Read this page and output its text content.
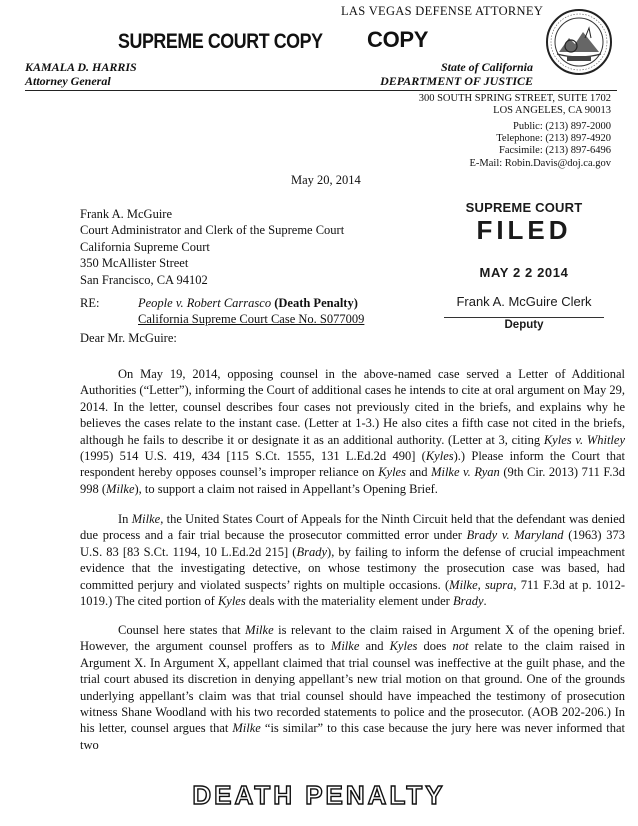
LAS VEGAS DEFENSE ATTORNEY
SUPREME COURT COPY COPY
KAMALA D. HARRIS
Attorney General
State of California
DEPARTMENT OF JUSTICE
300 SOUTH SPRING STREET, SUITE 1702
LOS ANGELES, CA 90013
Public: (213) 897-2000
Telephone: (213) 897-4920
Facsimile: (213) 897-6496
E-Mail: Robin.Davis@doj.ca.gov
May 20, 2014
Frank A. McGuire
Court Administrator and Clerk of the Supreme Court
California Supreme Court
350 McAllister Street
San Francisco, CA 94102
SUPREME COURT
FILED
MAY 2 2 2014
Frank A. McGuire Clerk
Deputy
RE:	People v. Robert Carrasco (Death Penalty)
California Supreme Court Case No. S077009
Dear Mr. McGuire:
On May 19, 2014, opposing counsel in the above-named case served a Letter of Additional Authorities (“Letter”), informing the Court of additional cases he intends to cite at oral argument on May 29, 2014. In the letter, counsel describes four cases not previously cited in the briefs, and explains why he believes the cases relate to the instant case. (Letter at 1-3.) He also cites a fifth case not cited in the briefs, although he fails to describe it or designate it as an additional authority. (Letter at 3, citing Kyles v. Whitley (1995) 514 U.S. 419, 434 [115 S.Ct. 1555, 131 L.Ed.2d 490] (Kyles).) Please inform the Court that respondent hereby opposes counsel’s improper reliance on Kyles and Milke v. Ryan (9th Cir. 2013) 711 F.3d 998 (Milke), to support a claim not raised in Appellant’s Opening Brief.
In Milke, the United States Court of Appeals for the Ninth Circuit held that the defendant was denied due process and a fair trial because the prosecutor committed error under Brady v. Maryland (1963) 373 U.S. 83 [83 S.Ct. 1194, 10 L.Ed.2d 215] (Brady), by failing to inform the defense of crucial impeachment evidence that the investigating detective, on whose testimony the prosecution case was based, had committed perjury and violated suspects’ rights on multiple occasions. (Milke, supra, 711 F.3d at p. 1012-1019.) The cited portion of Kyles deals with the materiality element under Brady.
Counsel here states that Milke is relevant to the claim raised in Argument X of the opening brief. However, the argument counsel proffers as to Milke and Kyles does not relate to the claim raised in Argument X. In Argument X, appellant claimed that trial counsel was ineffective at the guilt phase, and the trial court abused its discretion in denying appellant’s new trial motion on that ground. One of the grounds underlying appellant’s claim was that trial counsel should have impeached the testimony of prosecution witness Shane Woodland with his two recorded statements to police and the prosecutor. (AOB 202-206.) In his letter, counsel argues that Milke “is similar” to this case because the jury here was never informed that two
DEATH PENALTY
